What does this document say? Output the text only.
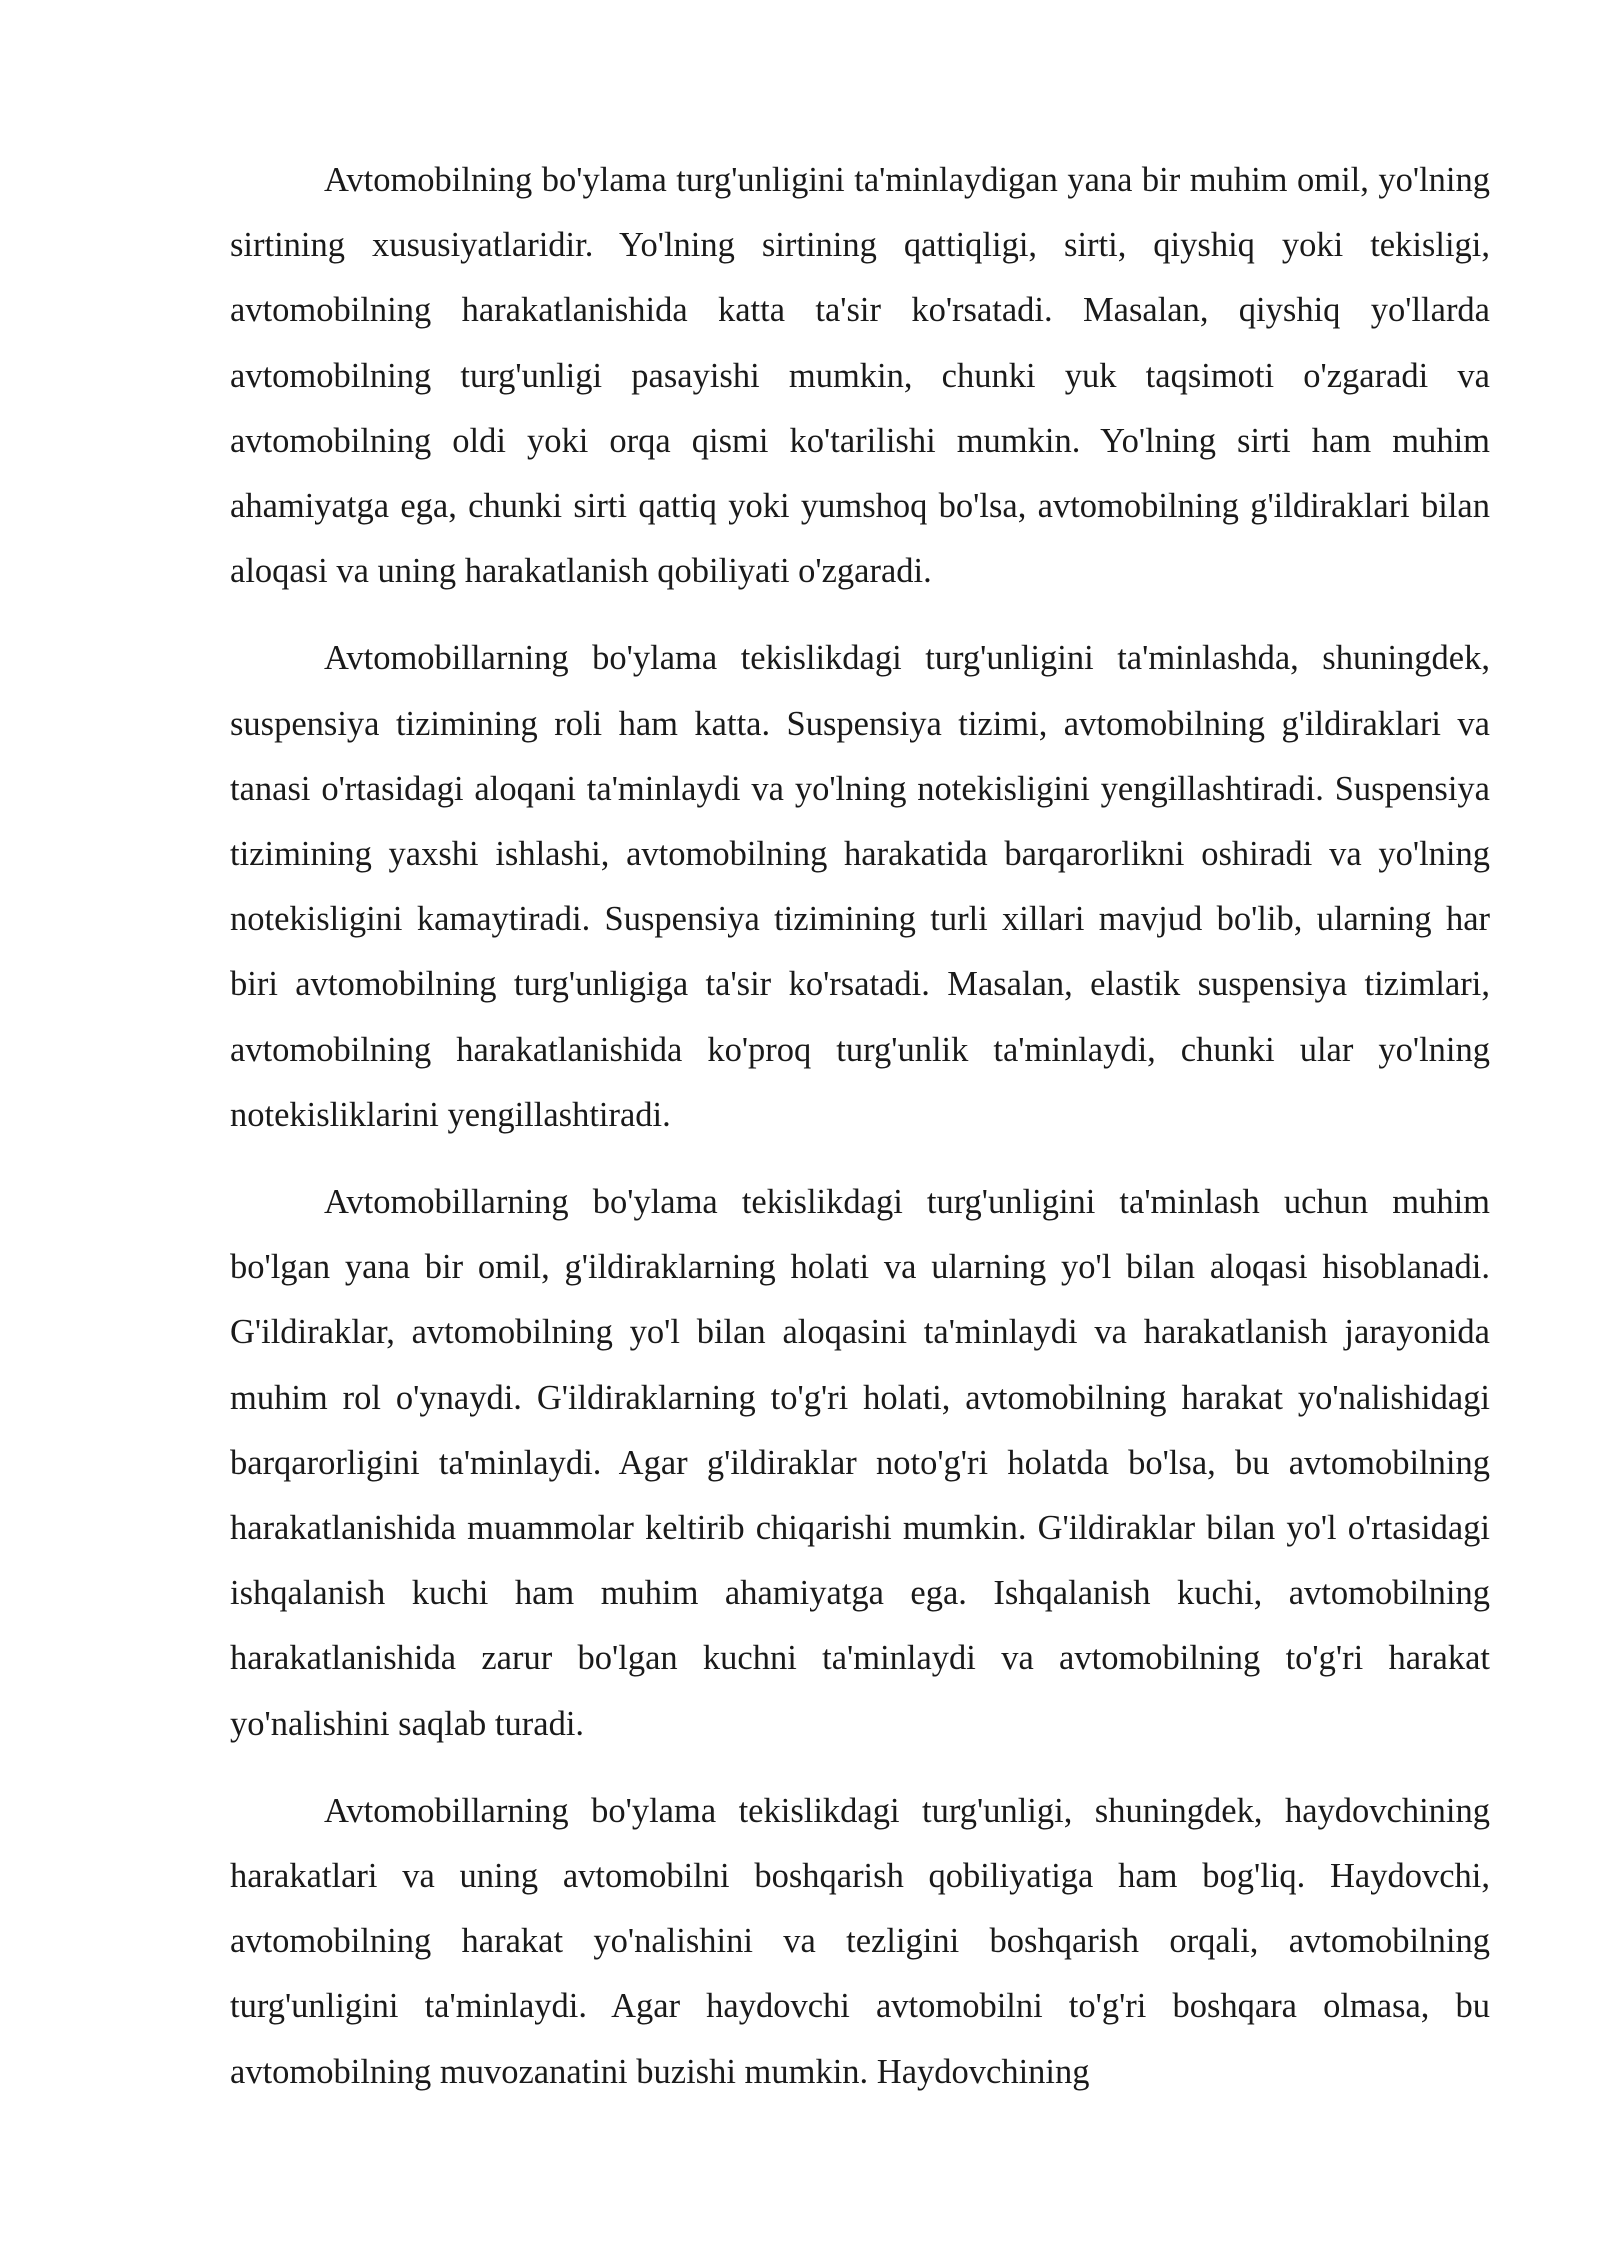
Avtomobilning bo'ylama turg'unligini ta'minlaydigan yana bir muhim omil, yo'lning sirtining xususiyatlaridir. Yo'lning sirtining qattiqligi, sirti, qiyshiq yoki tekisligi, avtomobilning harakatlanishida katta ta'sir ko'rsatadi. Masalan, qiyshiq yo'llarda avtomobilning turg'unligi pasayishi mumkin, chunki yuk taqsimoti o'zgaradi va avtomobilning oldi yoki orqa qismi ko'tarilishi mumkin. Yo'lning sirti ham muhim ahamiyatga ega, chunki sirti qattiq yoki yumshoq bo'lsa, avtomobilning g'ildiraklari bilan aloqasi va uning harakatlanish qobiliyati o'zgaradi.

Avtomobillarning bo'ylama tekislikdagi turg'unligini ta'minlashda, shuningdek, suspensiya tizimining roli ham katta. Suspensiya tizimi, avtomobilning g'ildiraklari va tanasi o'rtasidagi aloqani ta'minlaydi va yo'lning notekisligini yengillashtiradi. Suspensiya tizimining yaxshi ishlashi, avtomobilning harakatida barqarorlikni oshiradi va yo'lning notekisligini kamaytiradi. Suspensiya tizimining turli xillari mavjud bo'lib, ularning har biri avtomobilning turg'unligiga ta'sir ko'rsatadi. Masalan, elastik suspensiya tizimlari, avtomobilning harakatlanishida ko'proq turg'unlik ta'minlaydi, chunki ular yo'lning notekisliklarini yengillashtiradi.

Avtomobillarning bo'ylama tekislikdagi turg'unligini ta'minlash uchun muhim bo'lgan yana bir omil, g'ildiraklarning holati va ularning yo'l bilan aloqasi hisoblanadi. G'ildiraklar, avtomobilning yo'l bilan aloqasini ta'minlaydi va harakatlanish jarayonida muhim rol o'ynaydi. G'ildiraklarning to'g'ri holati, avtomobilning harakat yo'nalishidagi barqarorligini ta'minlaydi. Agar g'ildiraklar noto'g'ri holatda bo'lsa, bu avtomobilning harakatlanishida muammolar keltirib chiqarishi mumkin. G'ildiraklar bilan yo'l o'rtasidagi ishqalanish kuchi ham muhim ahamiyatga ega. Ishqalanish kuchi, avtomobilning harakatlanishida zarur bo'lgan kuchni ta'minlaydi va avtomobilning to'g'ri harakat yo'nalishini saqlab turadi.

Avtomobillarning bo'ylama tekislikdagi turg'unligi, shuningdek, haydovchining harakatlari va uning avtomobilni boshqarish qobiliyatiga ham bog'liq. Haydovchi, avtomobilning harakat yo'nalishini va tezligini boshqarish orqali, avtomobilning turg'unligini ta'minlaydi. Agar haydovchi avtomobilni to'g'ri boshqara olmasa, bu avtomobilning muvozanatini buzishi mumkin. Haydovchining
